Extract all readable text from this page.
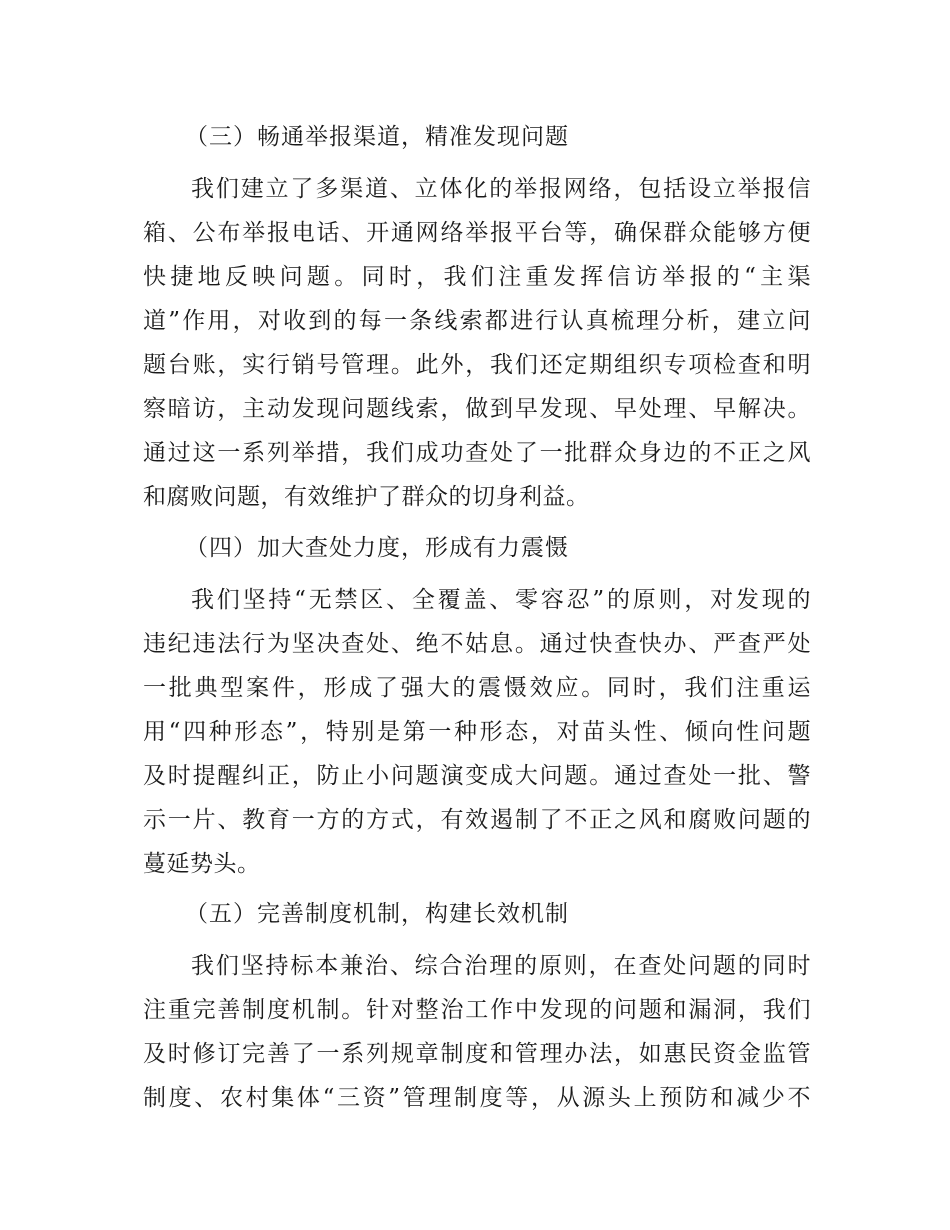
（三）畅通举报渠道，精准发现问题
我们建立了多渠道、立体化的举报网络，包括设立举报信
箱、公布举报电话、开通网络举报平台等，确保群众能够方便
快捷地反映问题。同时，我们注重发挥信访举报的“主渠
道”作用，对收到的每一条线索都进行认真梳理分析，建立问
题台账，实行销号管理。此外，我们还定期组织专项检查和明
察暗访，主动发现问题线索，做到早发现、早处理、早解决。
通过这一系列举措，我们成功查处了一批群众身边的不正之风
和腐败问题，有效维护了群众的切身利益。
（四）加大查处力度，形成有力震慑
我们坚持“无禁区、全覆盖、零容忍”的原则，对发现的
违纪违法行为坚决查处、绝不姑息。通过快查快办、严查严处
一批典型案件，形成了强大的震慑效应。同时，我们注重运
用“四种形态”，特别是第一种形态，对苗头性、倾向性问题
及时提醒纠正，防止小问题演变成大问题。通过查处一批、警
示一片、教育一方的方式，有效遏制了不正之风和腐败问题的
蔓延势头。
（五）完善制度机制，构建长效机制
我们坚持标本兼治、综合治理的原则，在查处问题的同时
注重完善制度机制。针对整治工作中发现的问题和漏洞，我们
及时修订完善了一系列规章制度和管理办法，如惠民资金监管
制度、农村集体“三资”管理制度等，从源头上预防和减少不
